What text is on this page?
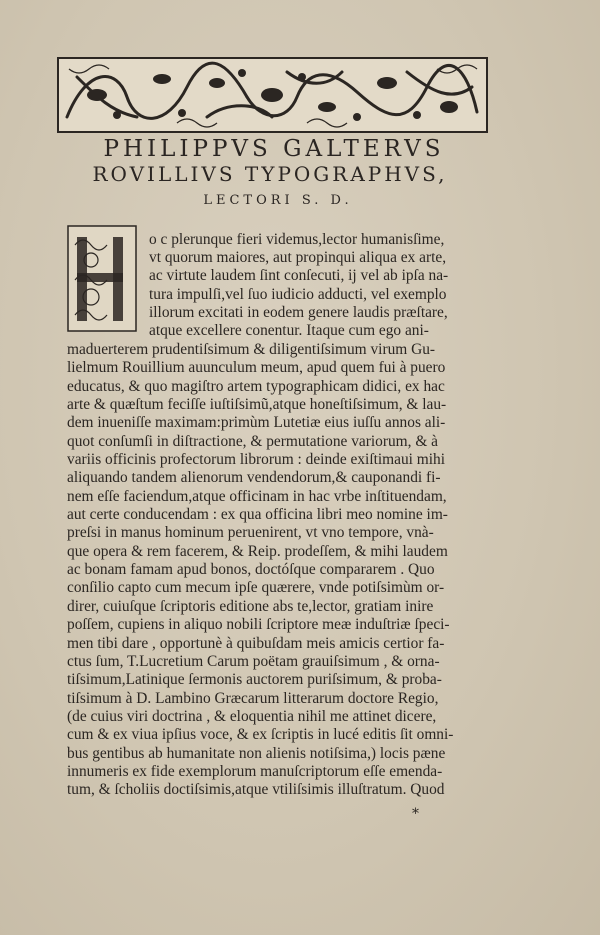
PHILIPPVS GALTERVS
ROVILLIVS TYPOGRAPHVS,
LECTORI S. D.
H
o c plerunque fieri videmus,lector humanisſime,
vt quorum maiores, aut propinqui aliqua ex arte,
ac virtute laudem ſint conſecuti, ij vel ab ipſa na-
tura impulſi,vel ſuo iudicio adducti, vel exemplo
illorum excitati in eodem genere laudis præſtare,
atque excellere conentur. Itaque cum ego ani-
maduerterem prudentiſsimum & diligentiſsimum virum Gu-
lielmum Rouillium auunculum meum, apud quem fui à puero
educatus, & quo magiſtro artem typographicam didici, ex hac
arte & quæſtum feciſſe iuſtiſsimũ,atque honeſtiſsimum, & lau-
dem inueniſſe maximam:primùm Lutetiæ eius iuſſu annos ali-
quot conſumſi in diſtractione, & permutatione variorum, & à
variis officinis profectorum librorum : deinde exiſtimaui mihi
aliquando tandem alienorum vendendorum,& cauponandi fi-
nem eſſe faciendum,atque officinam in hac vrbe inſtituendam,
aut certe conducendam : ex qua officina libri meo nomine im-
preſsi in manus hominum peruenirent, vt vno tempore, vnà-
que opera & rem facerem, & Reip. prodeſſem, & mihi laudem
ac bonam famam apud bonos, doctóſque compararem . Quo
conſilio capto cum mecum ipſe quærere, vnde potiſsimùm or-
direr, cuiuſque ſcriptoris editione abs te,lector, gratiam inire
poſſem, cupiens in aliquo nobili ſcriptore meæ induſtriæ ſpeci-
men tibi dare , opportunè à quibuſdam meis amicis certior fa-
ctus ſum, T.Lucretium Carum poëtam grauiſsimum , & orna-
tiſsimum,Latinique ſermonis auctorem puriſsimum, & proba-
tiſsimum à D. Lambino Græcarum litterarum doctore Regio,
(de cuius viri doctrina , & eloquentia nihil me attinet dicere,
cum & ex viua ipſius voce, & ex ſcriptis in lucé editis ſit omni-
bus gentibus ab humanitate non alienis notiſsima,) locis pæne
innumeris ex fide exemplorum manuſcriptorum eſſe emenda-
tum, & ſcholiis doctiſsimis,atque vtiliſsimis illuſtratum. Quod
*
